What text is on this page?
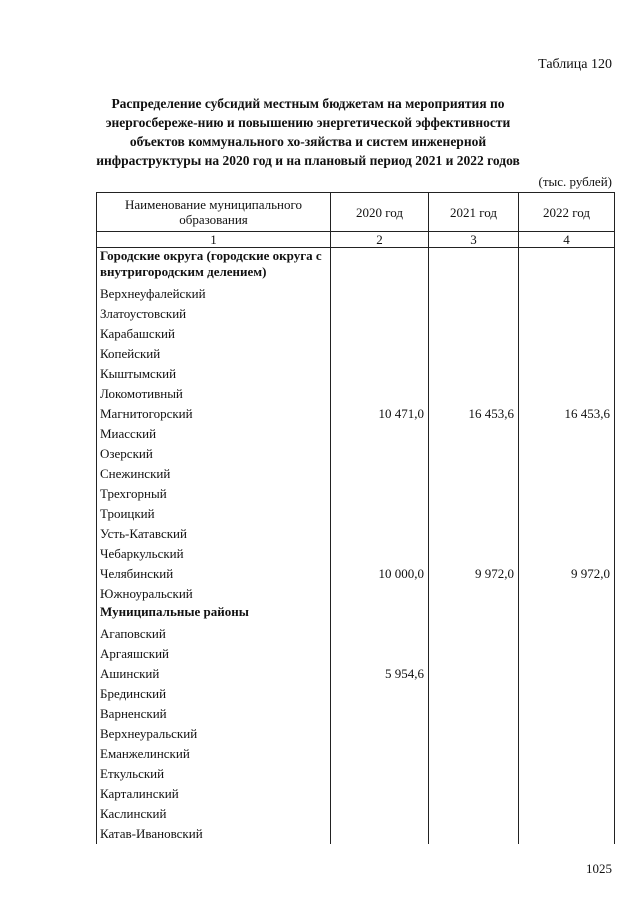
Таблица 120
Распределение субсидий местным бюджетам на мероприятия по энергосбереже-нию и повышению энергетической эффективности объектов коммунального хо-зяйства и систем инженерной инфраструктуры на 2020 год и на плановый период 2021 и 2022 годов
(тыс. рублей)
Наименование муниципального образования	2020 год	2021 год	2022 год
1	2	3	4
Городские округа (городские округа с внутригородским делением)			
Верхнеуфалейский			
Златоустовский			
Карабашский			
Копейский			
Кыштымский			
Локомотивный			
Магнитогорский	10 471,0	16 453,6	16 453,6
Миасский			
Озерский			
Снежинский			
Трехгорный			
Троицкий			
Усть-Катавский			
Чебаркульский			
Челябинский	10 000,0	9 972,0	9 972,0
Южноуральский			
Муниципальные районы			
Агаповский			
Аргаяшский			
Ашинский	5 954,6		
Брединский			
Варненский			
Верхнеуральский			
Еманжелинский			
Еткульский			
Карталинский			
Каслинский			
Катав-Ивановский			
1025
